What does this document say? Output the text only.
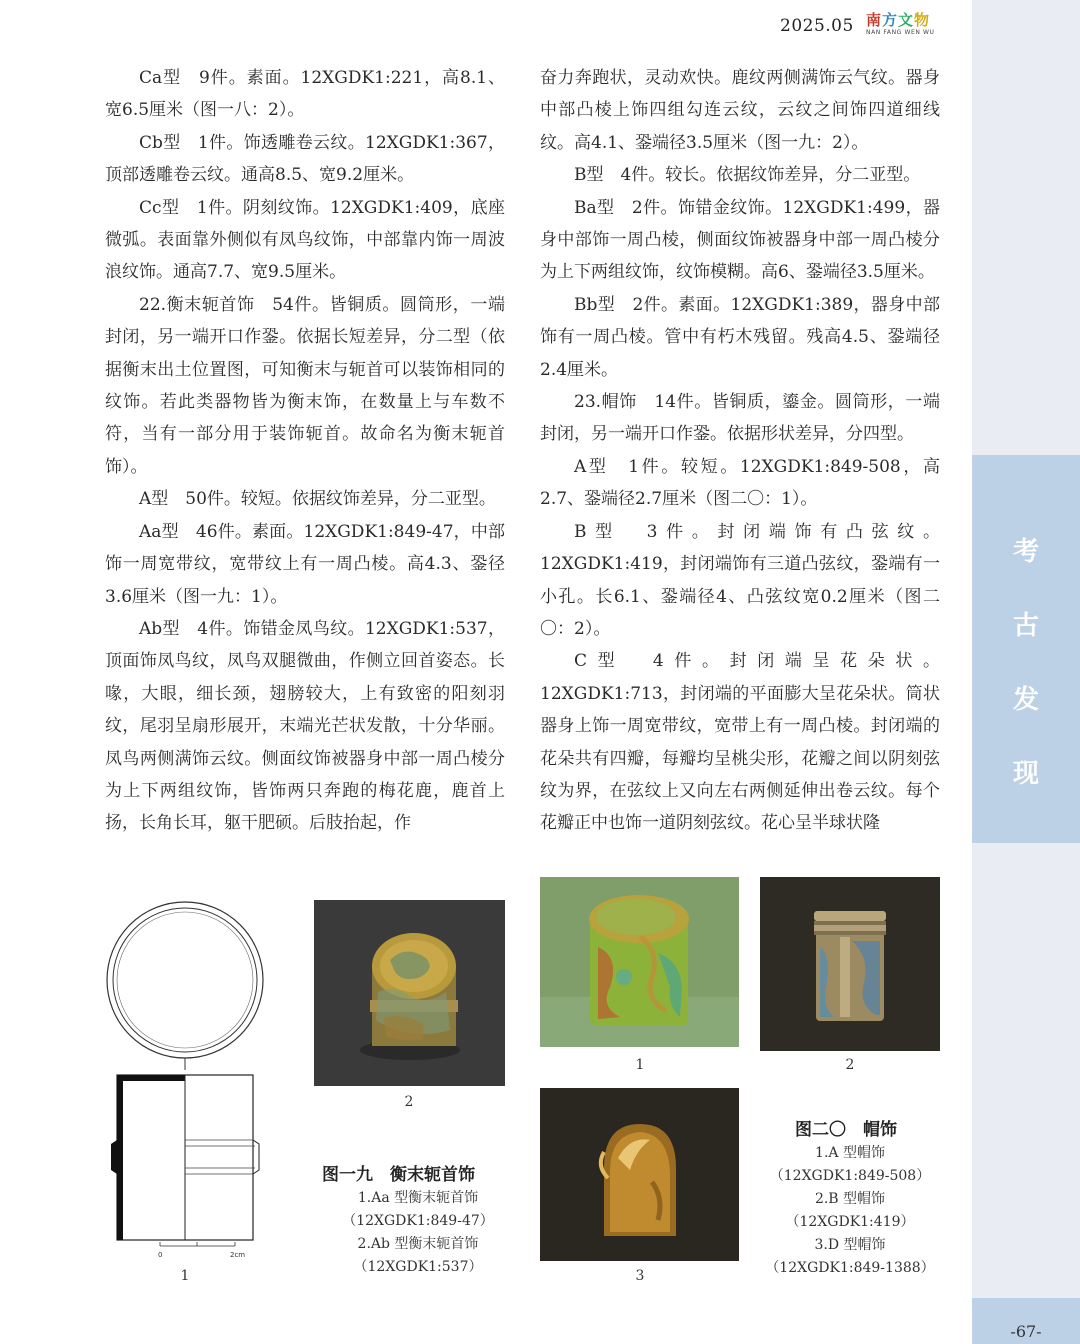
2025.05 南方文物
NAN FANG WEN WU
考
古
发
现
-67-

Ca型　9件。素面。12XGDK1:221，高8.1、宽6.5厘米（图一八：2）。

Cb型　1件。饰透雕卷云纹。12XGDK1:367，顶部透雕卷云纹。通高8.5、宽9.2厘米。

Cc型　1件。阴刻纹饰。12XGDK1:409，底座微弧。表面靠外侧似有凤鸟纹饰，中部靠内饰一周波浪纹饰。通高7.7、宽9.5厘米。

22.衡末轭首饰　54件。皆铜质。圆筒形，一端封闭，另一端开口作銎。依据长短差异，分二型（依据衡末出土位置图，可知衡末与轭首可以装饰相同的纹饰。若此类器物皆为衡末饰，在数量上与车数不符，当有一部分用于装饰轭首。故命名为衡末轭首饰）。

A型　50件。较短。依据纹饰差异，分二亚型。

Aa型　46件。素面。12XGDK1:849-47，中部饰一周宽带纹，宽带纹上有一周凸棱。高4.3、銎径3.6厘米（图一九：1）。

Ab型　4件。饰错金凤鸟纹。12XGDK1:537，顶面饰凤鸟纹，凤鸟双腿微曲，作侧立回首姿态。长喙，大眼，细长颈，翅膀较大，上有致密的阳刻羽纹，尾羽呈扇形展开，末端光芒状发散，十分华丽。凤鸟两侧满饰云纹。侧面纹饰被器身中部一周凸棱分为上下两组纹饰，皆饰两只奔跑的梅花鹿，鹿首上扬，长角长耳，躯干肥硕。后肢抬起，作

奋力奔跑状，灵动欢快。鹿纹两侧满饰云气纹。器身中部凸棱上饰四组勾连云纹，云纹之间饰四道细线纹。高4.1、銎端径3.5厘米（图一九：2）。

B型　4件。较长。依据纹饰差异，分二亚型。

Ba型　2件。饰错金纹饰。12XGDK1:499，器身中部饰一周凸棱，侧面纹饰被器身中部一周凸棱分为上下两组纹饰，纹饰模糊。高6、銎端径3.5厘米。

Bb型　2件。素面。12XGDK1:389，器身中部饰有一周凸棱。管中有朽木残留。残高4.5、銎端径2.4厘米。

23.帽饰　14件。皆铜质，鎏金。圆筒形，一端封闭，另一端开口作銎。依据形状差异，分四型。

A型　1件。较短。12XGDK1:849-508，高2.7、銎端径2.7厘米（图二〇：1）。

B型　3件。封闭端饰有凸弦纹。12XGDK1:419，封闭端饰有三道凸弦纹，銎端有一小孔。长6.1、銎端径4、凸弦纹宽0.2厘米（图二〇：2）。

C型　4件。封闭端呈花朵状。12XGDK1:713，封闭端的平面膨大呈花朵状。筒状器身上饰一周宽带纹，宽带上有一周凸棱。封闭端的花朵共有四瓣，每瓣均呈桃尖形，花瓣之间以阴刻弦纹为界，在弦纹上又向左右两侧延伸出卷云纹。每个花瓣正中也饰一道阴刻弦纹。花心呈半球状隆

0	2cm
1
2
图一九　衡末轭首饰
1.Aa 型衡末轭首饰
（12XGDK1:849-47）
2.Ab 型衡末轭首饰
（12XGDK1:537）
1	2
3
图二〇　帽饰
1.A 型帽饰
（12XGDK1:849-508）
2.B 型帽饰
（12XGDK1:419）
3.D 型帽饰
（12XGDK1:849-1388）
